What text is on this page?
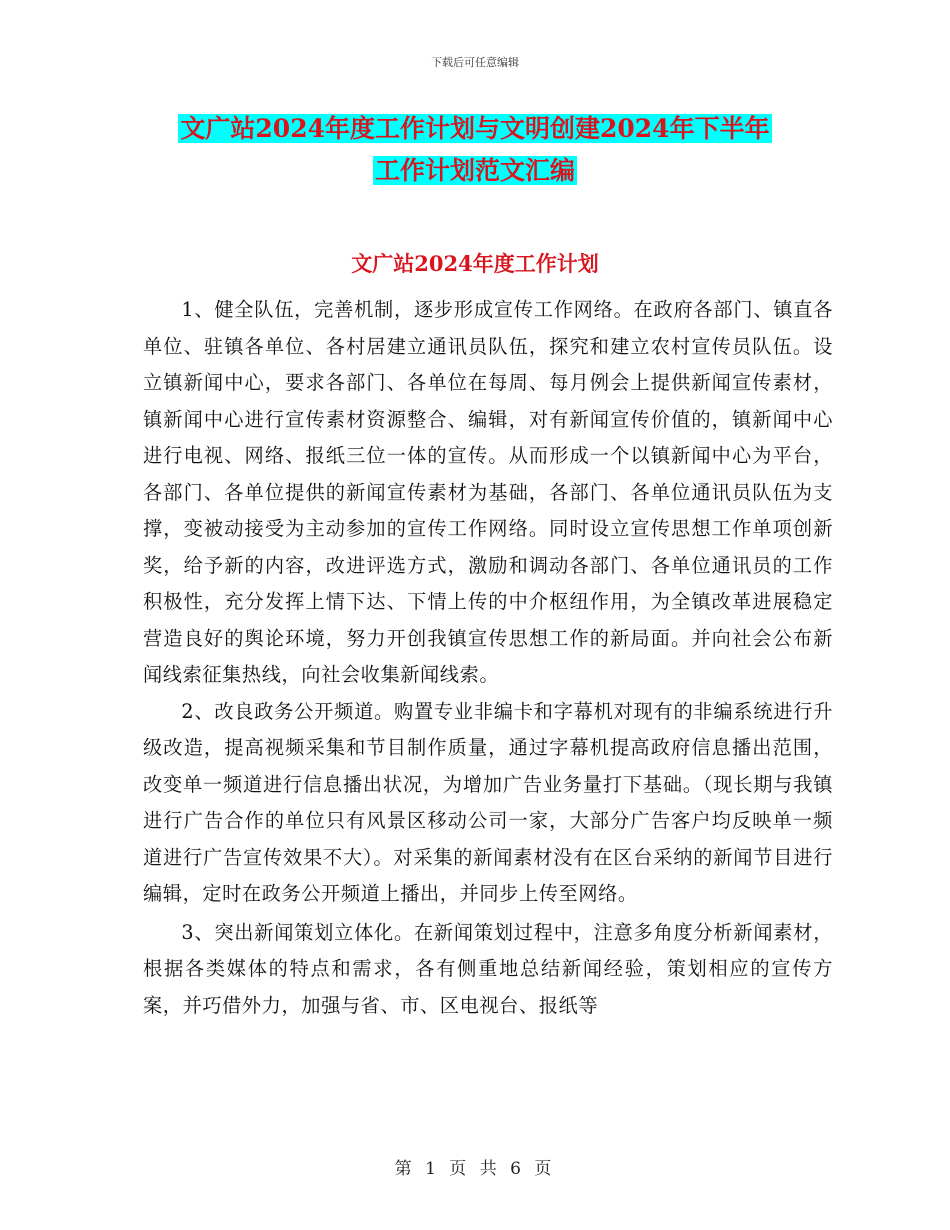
下载后可任意编辑
文广站2024年度工作计划与文明创建2024年下半年
工作计划范文汇编
文广站2024年度工作计划

1、健全队伍，完善机制，逐步形成宣传工作网络。在政府各部门、镇直各单位、驻镇各单位、各村居建立通讯员队伍，探究和建立农村宣传员队伍。设立镇新闻中心，要求各部门、各单位在每周、每月例会上提供新闻宣传素材，镇新闻中心进行宣传素材资源整合、编辑，对有新闻宣传价值的，镇新闻中心进行电视、网络、报纸三位一体的宣传。从而形成一个以镇新闻中心为平台，各部门、各单位提供的新闻宣传素材为基础，各部门、各单位通讯员队伍为支撑，变被动接受为主动参加的宣传工作网络。同时设立宣传思想工作单项创新奖，给予新的内容，改进评选方式，激励和调动各部门、各单位通讯员的工作积极性，充分发挥上情下达、下情上传的中介枢纽作用，为全镇改革进展稳定营造良好的舆论环境，努力开创我镇宣传思想工作的新局面。并向社会公布新闻线索征集热线，向社会收集新闻线索。

2、改良政务公开频道。购置专业非编卡和字幕机对现有的非编系统进行升级改造，提高视频采集和节目制作质量，通过字幕机提高政府信息播出范围，改变单一频道进行信息播出状况，为增加广告业务量打下基础。（现长期与我镇进行广告合作的单位只有风景区移动公司一家，大部分广告客户均反映单一频道进行广告宣传效果不大）。对采集的新闻素材没有在区台采纳的新闻节目进行编辑，定时在政务公开频道上播出，并同步上传至网络。

3、突出新闻策划立体化。在新闻策划过程中，注意多角度分析新闻素材，根据各类媒体的特点和需求，各有侧重地总结新闻经验，策划相应的宣传方案，并巧借外力，加强与省、市、区电视台、报纸等

第 1 页 共 6 页
